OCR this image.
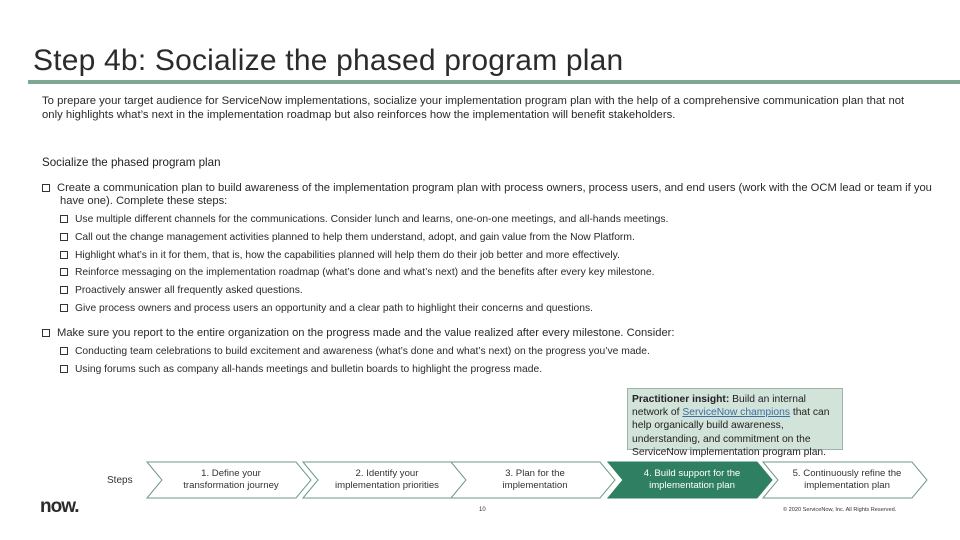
Step 4b: Socialize the phased program plan
To prepare your target audience for ServiceNow implementations, socialize your implementation program plan with the help of a comprehensive communication plan that not only highlights what’s next in the implementation roadmap but also reinforces how the implementation will benefit stakeholders.
Socialize the phased program plan
Create a communication plan to build awareness of the implementation program plan with process owners, process users, and end users (work with the OCM lead or team if you have one). Complete these steps:
Use multiple different channels for the communications. Consider lunch and learns, one-on-one meetings, and all-hands meetings.
Call out the change management activities planned to help them understand, adopt, and gain value from the Now Platform.
Highlight what’s in it for them, that is, how the capabilities planned will help them do their job better and more effectively.
Reinforce messaging on the implementation roadmap (what’s done and what’s next) and the benefits after every key milestone.
Proactively answer all frequently asked questions.
Give process owners and process users an opportunity and a clear path to highlight their concerns and questions.
Make sure you report to the entire organization on the progress made and the value realized after every milestone. Consider:
Conducting team celebrations to build excitement and awareness (what’s done and what’s next) on the progress you’ve made.
Using forums such as company all-hands meetings and bulletin boards to highlight the progress made.
Practitioner insight: Build an internal network of ServiceNow champions that can help organically build awareness, understanding, and commitment on the ServiceNow implementation program plan.
Steps
1. Define your transformation journey
2. Identify your implementation priorities
3. Plan for the implementation
4. Build support for the implementation plan
5. Continuously refine the implementation plan
now.	10	© 2020 ServiceNow, Inc. All Rights Reserved.
